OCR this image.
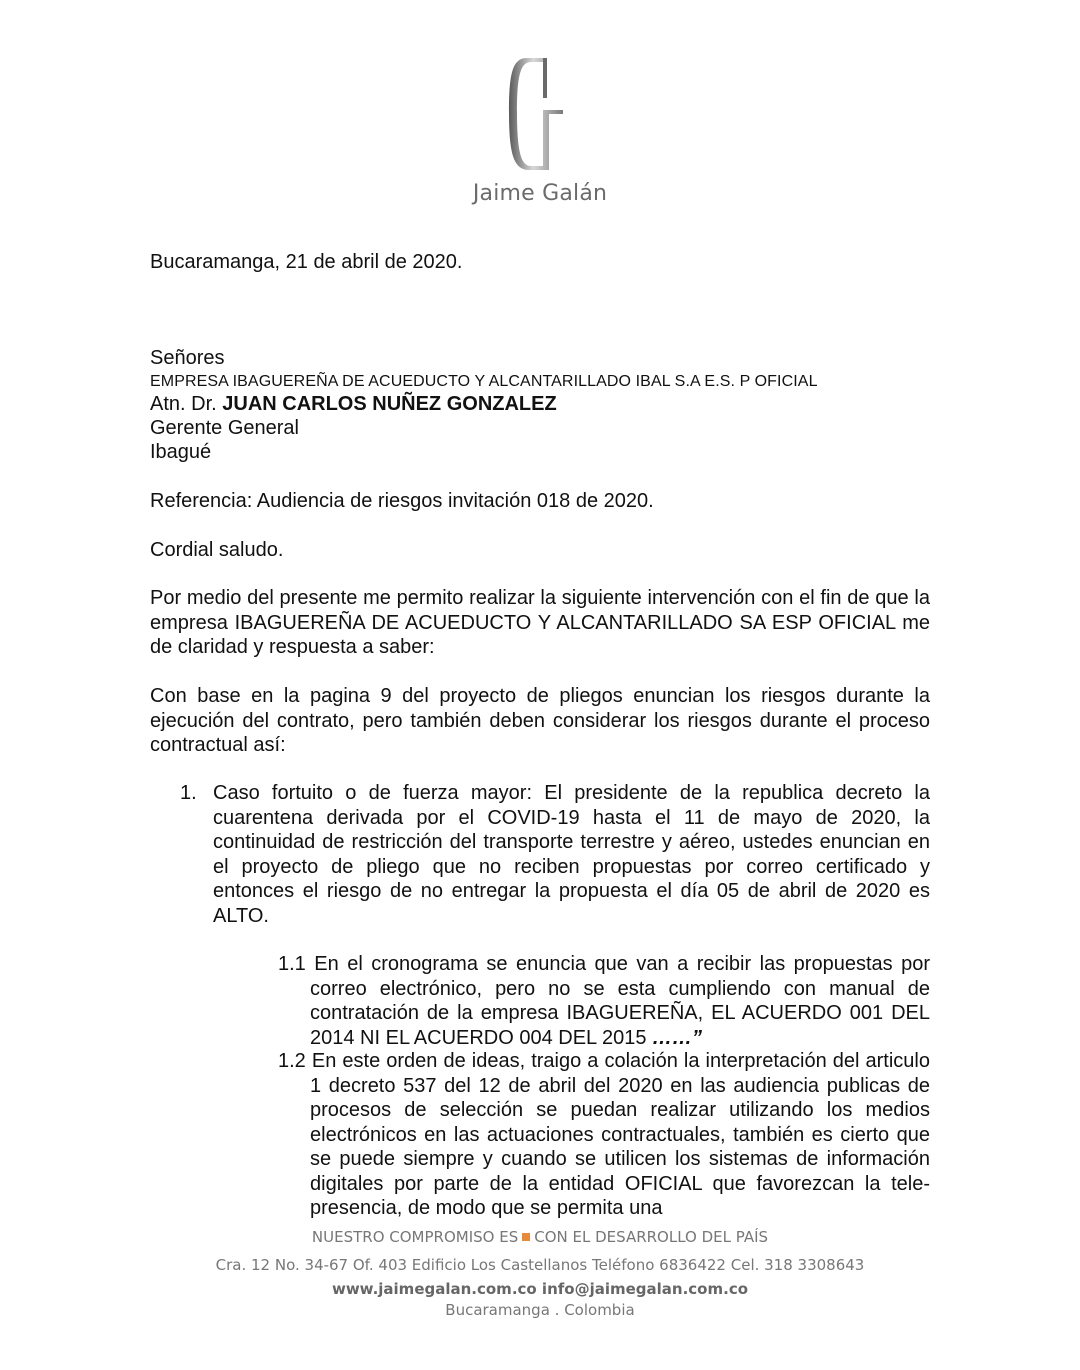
Jaime Galán
Bucaramanga, 21 de abril de 2020.
Señores
EMPRESA IBAGUEREÑA DE ACUEDUCTO Y ALCANTARILLADO IBAL S.A E.S. P OFICIAL
Atn. Dr. JUAN CARLOS NUÑEZ GONZALEZ
Gerente General
Ibagué
Referencia: Audiencia de riesgos invitación 018 de 2020.
Cordial saludo.
Por medio del presente me permito realizar la siguiente intervención con el fin de que la empresa IBAGUEREÑA DE ACUEDUCTO Y ALCANTARILLADO SA ESP OFICIAL me de claridad y respuesta a saber:
Con base en la pagina 9 del proyecto de pliegos enuncian los riesgos durante la ejecución del contrato, pero también deben considerar los riesgos durante el proceso contractual así:
1. Caso fortuito o de fuerza mayor: El presidente de la republica decreto la cuarentena derivada por el COVID-19 hasta el 11 de mayo de 2020, la continuidad de restricción del transporte terrestre y aéreo, ustedes enuncian en el proyecto de pliego que no reciben propuestas por correo certificado y entonces el riesgo de no entregar la propuesta el día 05 de abril de 2020 es ALTO.
1.1 En el cronograma se enuncia que van a recibir las propuestas por correo electrónico, pero no se esta cumpliendo con manual de contratación de la empresa IBAGUEREÑA, EL ACUERDO 001 DEL 2014 NI EL ACUERDO 004 DEL 2015 ……”
1.2 En este orden de ideas, traigo a colación la interpretación del articulo 1 decreto 537 del 12 de abril del 2020 en las audiencia publicas de procesos de selección se puedan realizar utilizando los medios electrónicos en las actuaciones contractuales, también es cierto que se puede siempre y cuando se utilicen los sistemas de información digitales por parte de la entidad OFICIAL que favorezcan la tele-presencia, de modo que se permita una
NUESTRO COMPROMISO ES CON EL DESARROLLO DEL PAÍS
Cra. 12 No. 34-67 Of. 403 Edificio Los Castellanos Teléfono 6836422 Cel. 318 3308643
www.jaimegalan.com.co info@jaimegalan.com.co
Bucaramanga . Colombia
